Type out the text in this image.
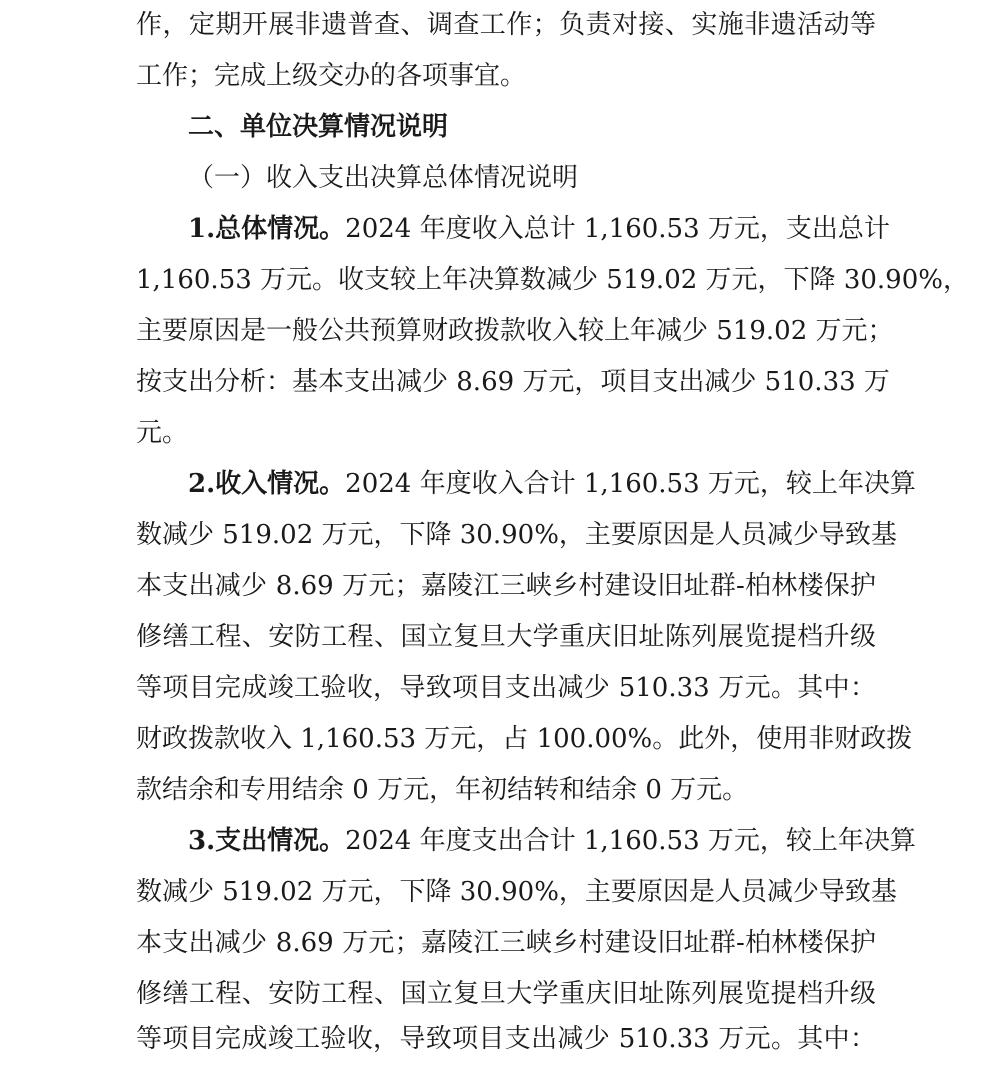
作，定期开展非遗普查、调查工作；负责对接、实施非遗活动等
工作；完成上级交办的各项事宜。
二、单位决算情况说明
（一）收入支出决算总体情况说明
1.总体情况。2024 年度收入总计 1,160.53 万元，支出总计
1,160.53 万元。收支较上年决算数减少 519.02 万元，下降 30.90%，
主要原因是一般公共预算财政拨款收入较上年减少 519.02 万元；
按支出分析：基本支出减少 8.69 万元，项目支出减少 510.33 万
元。
2.收入情况。2024 年度收入合计 1,160.53 万元，较上年决算
数减少 519.02 万元，下降 30.90%，主要原因是人员减少导致基
本支出减少 8.69 万元；嘉陵江三峡乡村建设旧址群-柏林楼保护
修缮工程、安防工程、国立复旦大学重庆旧址陈列展览提档升级
等项目完成竣工验收，导致项目支出减少 510.33 万元。其中：
财政拨款收入 1,160.53 万元，占 100.00%。此外，使用非财政拨
款结余和专用结余 0 万元，年初结转和结余 0 万元。
3.支出情况。2024 年度支出合计 1,160.53 万元，较上年决算
数减少 519.02 万元，下降 30.90%，主要原因是人员减少导致基
本支出减少 8.69 万元；嘉陵江三峡乡村建设旧址群-柏林楼保护
修缮工程、安防工程、国立复旦大学重庆旧址陈列展览提档升级
等项目完成竣工验收，导致项目支出减少 510.33 万元。其中：
